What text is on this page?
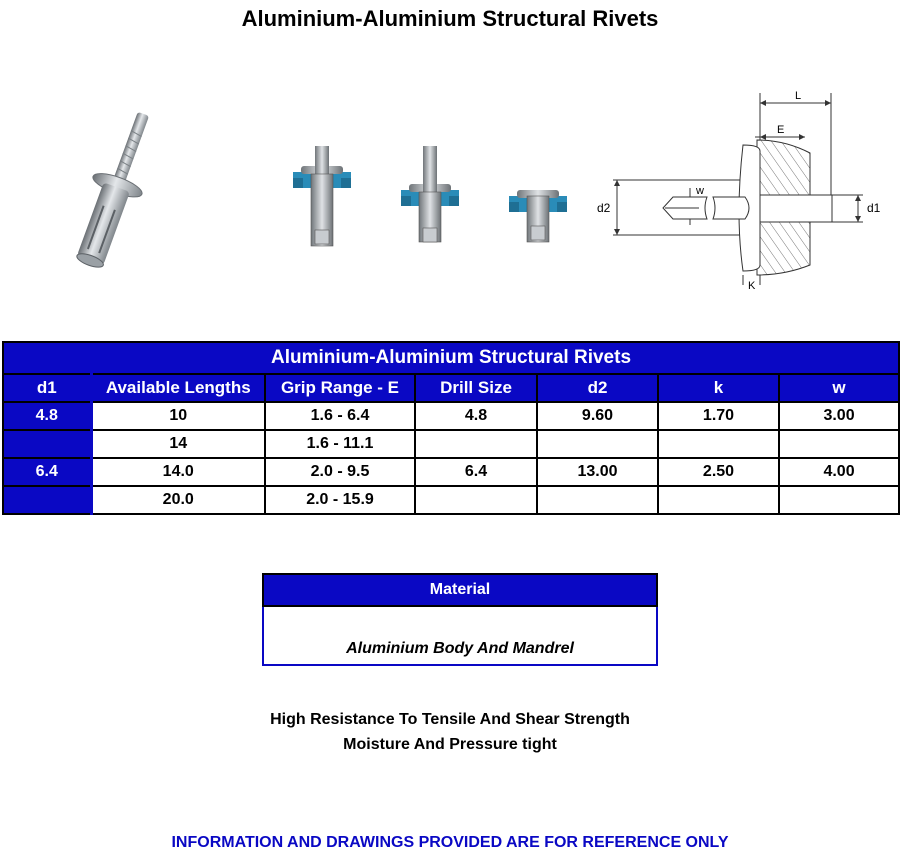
Aluminium-Aluminium Structural Rivets
L
E
w
d2	d1
K
Aluminium-Aluminium Structural Rivets						
d1	Available Lengths	Grip Range - E	Drill Size	d2	k	w
4.8	10	1.6 - 6.4	4.8	9.60	1.70	3.00
	14	1.6 - 11.1				
6.4	14.0	2.0 - 9.5	6.4	13.00	2.50	4.00
	20.0	2.0 - 15.9				
Material
Aluminium Body And Mandrel
High Resistance To Tensile And Shear Strength
Moisture And Pressure tight
INFORMATION AND DRAWINGS PROVIDED ARE FOR REFERENCE ONLY
